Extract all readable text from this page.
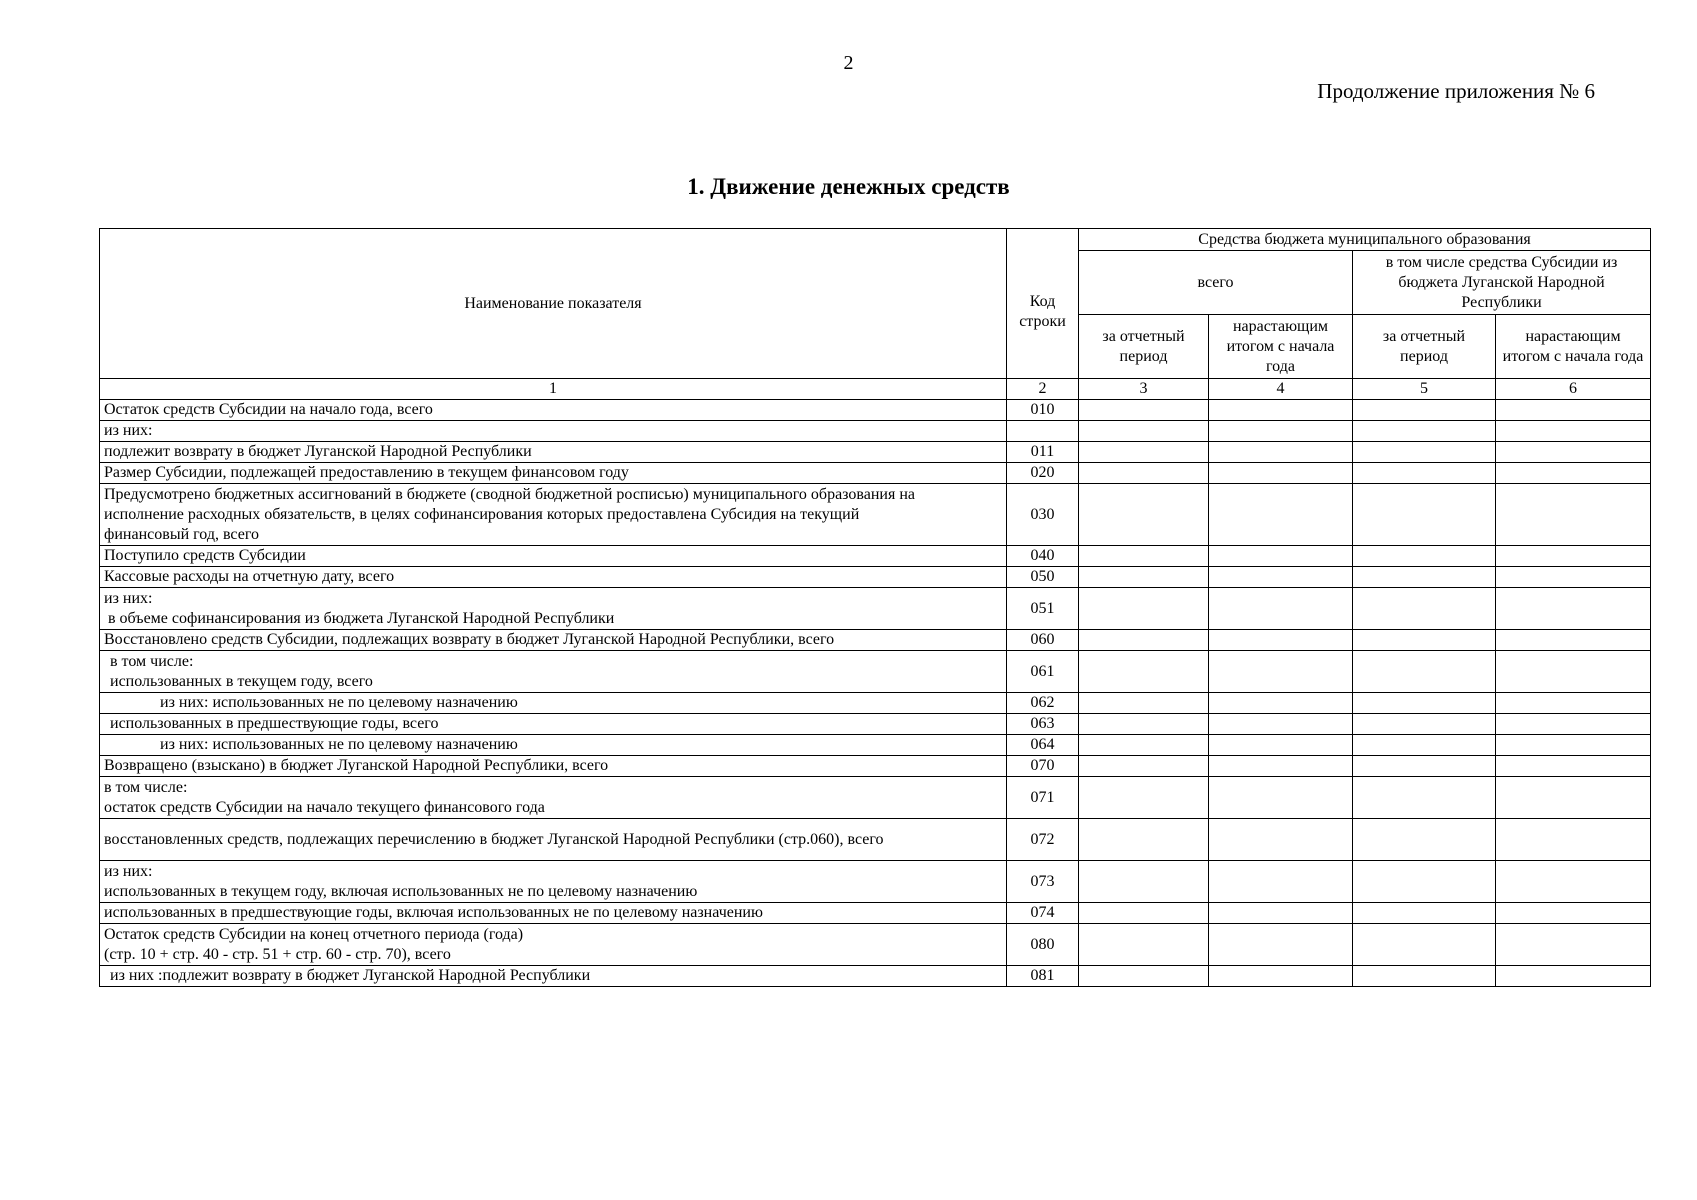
2
Продолжение приложения № 6
1. Движение денежных средств
Наименование показателя	Код строки	Средства бюджета муниципального образования			
		всего		в том числе средства Субсидии из бюджета Луганской Народной Республики	
		за отчетный период	нарастающим итогом с начала года	за отчетный период	нарастающим итогом с начала года
1	2	3	4	5	6
Остаток средств Субсидии на начало года, всего	010				
из них:					
подлежит возврату в бюджет Луганской Народной Республики	011				
Размер Субсидии, подлежащей предоставлению в текущем финансовом году	020				
Предусмотрено бюджетных ассигнований в бюджете (сводной бюджетной росписью) муниципального образования на исполнение расходных обязательств, в целях софинансирования которых предоставлена Субсидия на текущий финансовый год, всего	030				
Поступило средств Субсидии	040				
Кассовые расходы на отчетную дату, всего	050				

из них:
в объеме софинансирования из бюджета Луганской Народной Республики	051				
Восстановлено средств Субсидии, подлежащих возврату в бюджет Луганской Народной Республики, всего	060				

в том числе:
использованных в текущем году, всего	061				
из них: использованных не по целевому назначению	062				
использованных в предшествующие годы, всего	063				
из них: использованных не по целевому назначению	064				
Возвращено (взыскано) в бюджет Луганской Народной Республики, всего	070				

в том числе:
остаток средств Субсидии на начало текущего финансового года	071				
восстановленных средств, подлежащих перечислению в бюджет Луганской Народной Республики (стр.060), всего	072				

из них:
использованных в текущем году, включая использованных не по целевому назначению	073				
использованных в предшествующие годы, включая использованных не по целевому назначению	074				

Остаток средств Субсидии на конец отчетного периода (года)
(стр. 10 + стр. 40 - стр. 51 + стр. 60 - стр. 70), всего	080				
из них :подлежит возврату в бюджет Луганской Народной Республики	081				
